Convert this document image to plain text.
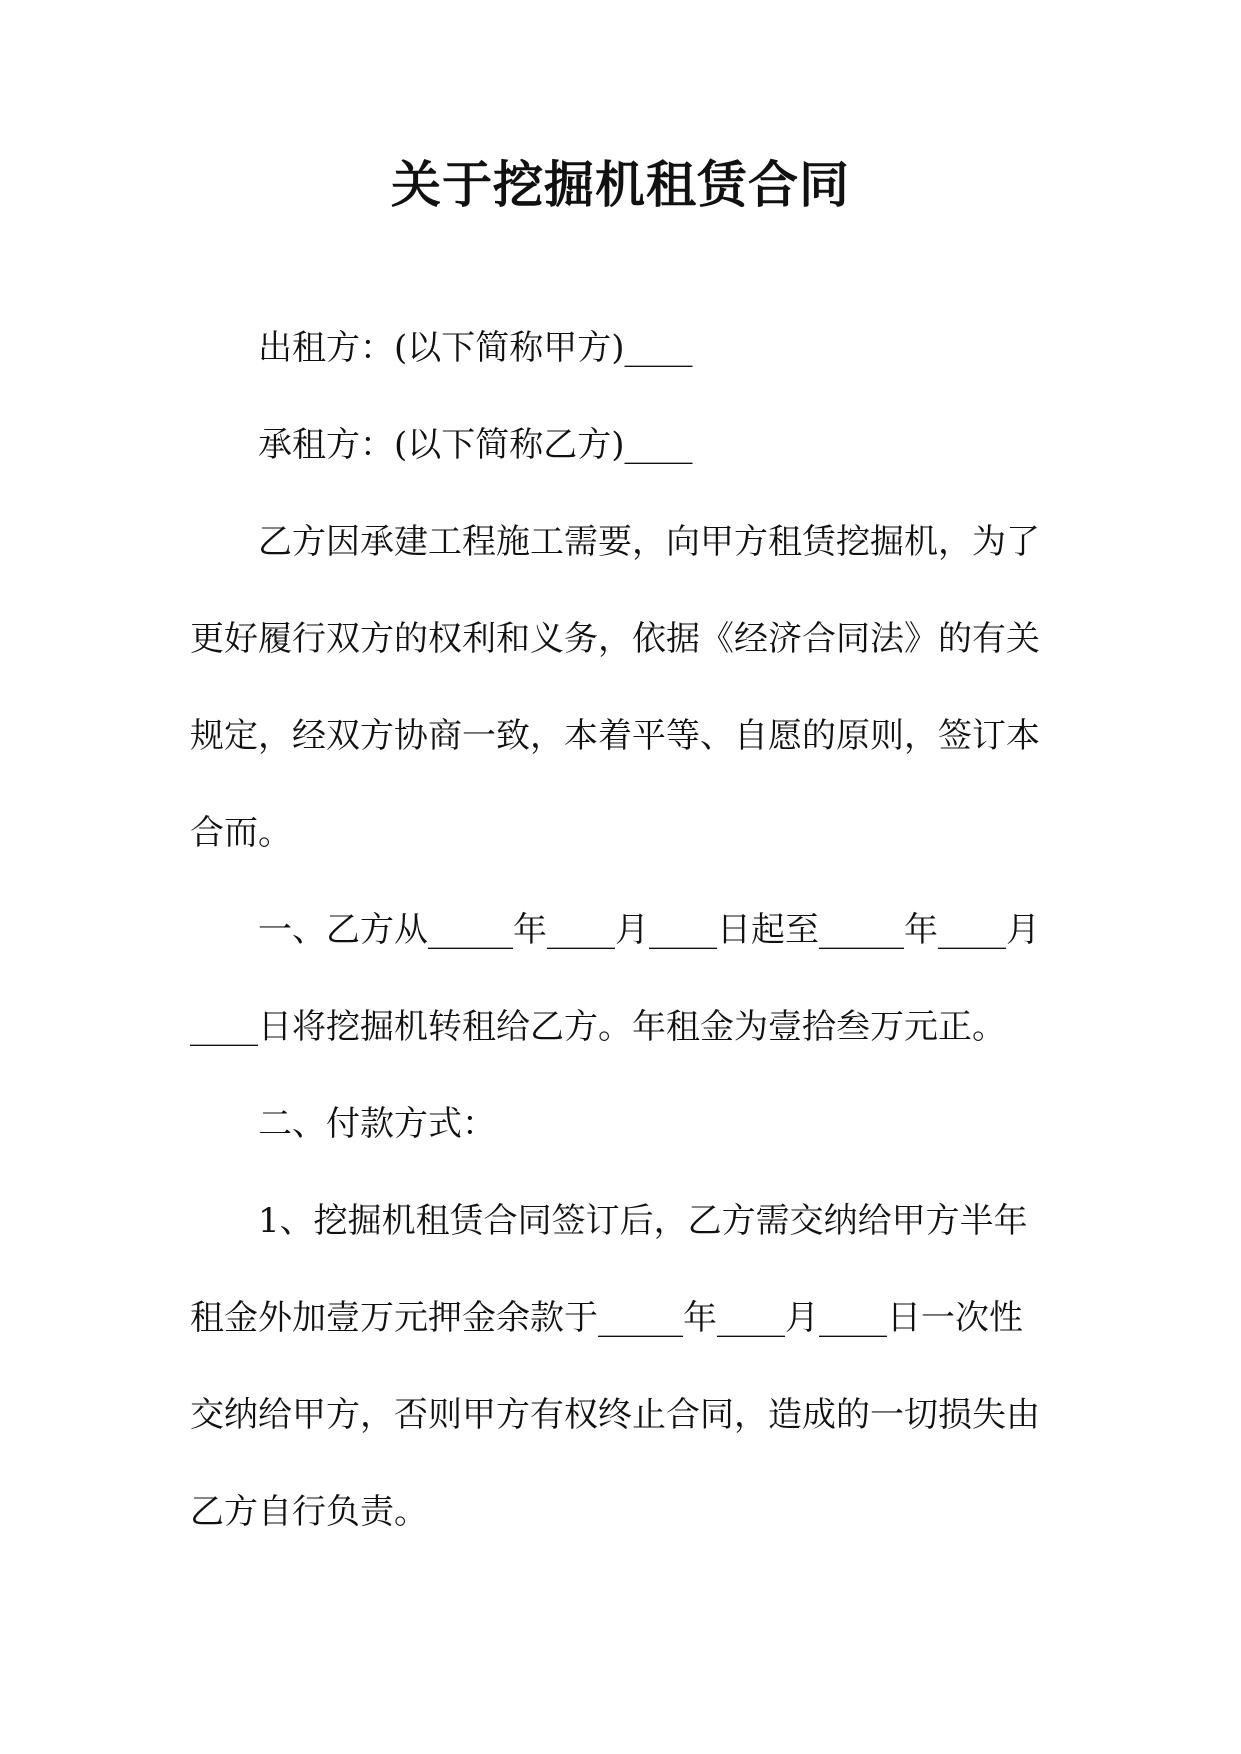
关于挖掘机租赁合同

出租方：(以下简称甲方)____

承租方：(以下简称乙方)____

乙方因承建工程施工需要，向甲方租赁挖掘机，为了更好履行双方的权利和义务，依据《经济合同法》的有关规定，经双方协商一致，本着平等、自愿的原则，签订本合而。

一、乙方从_____年____月____日起至_____年____月____日将挖掘机转租给乙方。年租金为壹拾叁万元正。

二、付款方式：

1、挖掘机租赁合同签订后，乙方需交纳给甲方半年租金外加壹万元押金余款于_____年____月____日一次性交纳给甲方，否则甲方有权终止合同，造成的一切损失由乙方自行负责。
